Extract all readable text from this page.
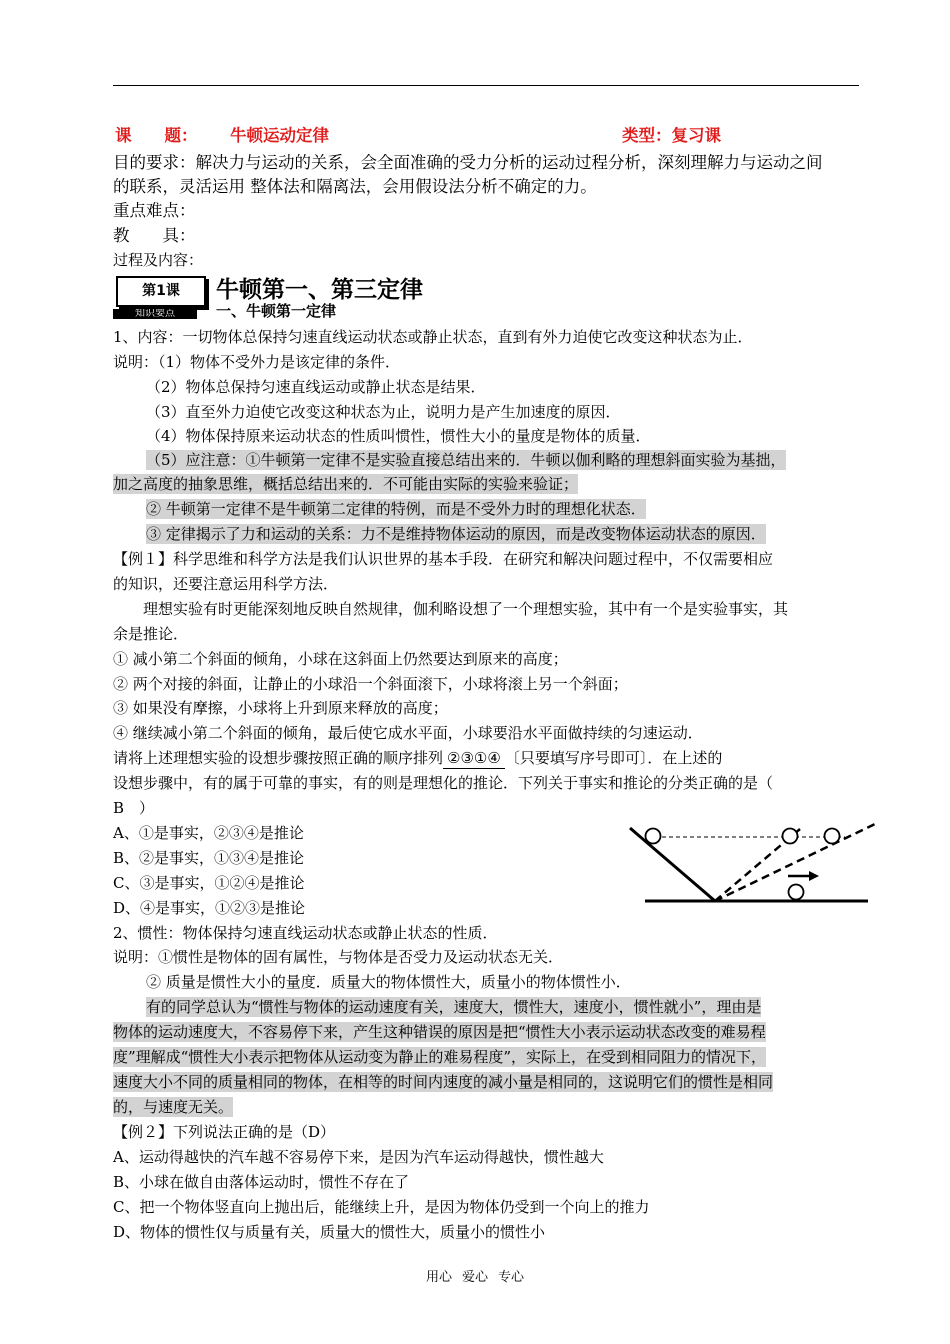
课　　题： 牛顿运动定律	类型：复习课
目的要求：解决力与运动的关系，会全面准确的受力分析的运动过程分析，深刻理解力与运动之间
的联系，灵活运用 整体法和隔离法，会用假设法分析不确定的力。
重点难点：
教　　具：
过程及内容：
第1课
知识要点
牛顿第一、第三定律
一、牛顿第一定律
1、内容：一切物体总保持匀速直线运动状态或静止状态，直到有外力迫使它改变这种状态为止．
说明：（1）物体不受外力是该定律的条件．
（2）物体总保持匀速直线运动或静止状态是结果．
（3）直至外力迫使它改变这种状态为止，说明力是产生加速度的原因．
（4）物体保持原来运动状态的性质叫惯性，惯性大小的量度是物体的质量．
（5）应注意：①牛顿第一定律不是实验直接总结出来的．牛顿以伽利略的理想斜面实验为基拙，
加之高度的抽象思维，概括总结出来的．不可能由实际的实验来验证；
② 牛顿第一定律不是牛顿第二定律的特例，而是不受外力时的理想化状态．
③ 定律揭示了力和运动的关系：力不是维持物体运动的原因，而是改变物体运动状态的原因．
【例１】科学思维和科学方法是我们认识世界的基本手段．在研究和解决问题过程中，不仅需要相应
的知识，还要注意运用科学方法．
理想实验有时更能深刻地反映自然规律，伽利略设想了一个理想实验，其中有一个是实验事实，其
余是推论．
① 减小第二个斜面的倾角，小球在这斜面上仍然要达到原来的高度；
② 两个对接的斜面，让静止的小球沿一个斜面滚下，小球将滚上另一个斜面；
③ 如果没有摩擦，小球将上升到原来释放的高度；
④ 继续减小第二个斜面的倾角，最后使它成水平面，小球要沿水平面做持续的匀速运动．
请将上述理想实验的设想步骤按照正确的顺序排列 ②③①④ 〔只要填写序号即可〕．在上述的
设想步骤中，有的属于可靠的事实，有的则是理想化的推论．下列关于事实和推论的分类正确的是（
B　）
A、①是事实，②③④是推论
B、②是事实，①③④是推论
C、③是事实，①②④是推论
D、④是事实，①②③是推论
2、惯性：物体保持匀速直线运动状态或静止状态的性质．
说明：①惯性是物体的固有属性，与物体是否受力及运动状态无关．
② 质量是惯性大小的量度．质量大的物体惯性大，质量小的物体惯性小．
有的同学总认为“惯性与物体的运动速度有关，速度大，惯性大，速度小，惯性就小”，理由是
物体的运动速度大，不容易停下来，产生这种错误的原因是把“惯性大小表示运动状态改变的难易程
度”理解成“惯性大小表示把物体从运动变为静止的难易程度”，实际上，在受到相同阻力的情况下，
速度大小不同的质量相同的物体，在相等的时间内速度的减小量是相同的，这说明它们的惯性是相同
的，与速度无关。
【例２】下列说法正确的是（D）
A、运动得越快的汽车越不容易停下来，是因为汽车运动得越快，惯性越大
B、小球在做自由落体运动时，惯性不存在了
C、把一个物体竖直向上抛出后，能继续上升，是因为物体仍受到一个向上的推力
D、物体的惯性仅与质量有关，质量大的惯性大，质量小的惯性小
用心 爱心 专心
